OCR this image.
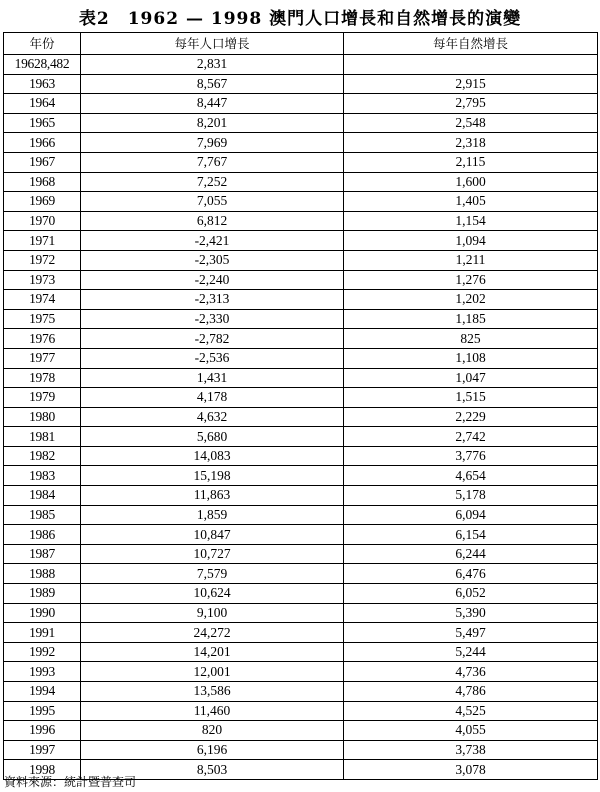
表2　1962 — 1998 澳門人口增長和自然增長的演變
年份	每年人口增長	每年自然增長
19628,482	2,831	
1963	8,567	2,915
1964	8,447	2,795
1965	8,201	2,548
1966	7,969	2,318
1967	7,767	2,115
1968	7,252	1,600
1969	7,055	1,405
1970	6,812	1,154
1971	-2,421	1,094
1972	-2,305	1,211
1973	-2,240	1,276
1974	-2,313	1,202
1975	-2,330	1,185
1976	-2,782	825
1977	-2,536	1,108
1978	1,431	1,047
1979	4,178	1,515
1980	4,632	2,229
1981	5,680	2,742
1982	14,083	3,776
1983	15,198	4,654
1984	11,863	5,178
1985	1,859	6,094
1986	10,847	6,154
1987	10,727	6,244
1988	7,579	6,476
1989	10,624	6,052
1990	9,100	5,390
1991	24,272	5,497
1992	14,201	5,244
1993	12,001	4,736
1994	13,586	4,786
1995	11,460	4,525
1996	820	4,055
1997	6,196	3,738
1998	8,503	3,078
資料來源：統計暨普查司
